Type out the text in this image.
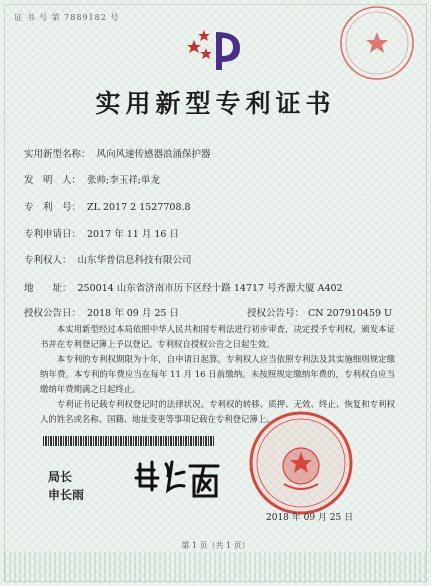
证 书 号 第 7889182 号
实用新型专利证书
实用新型名称： 风向风速传感器浪涌保护器
发　明　人： 张帅;李玉祥;单龙
专　利　号： ZL 2017 2 1527708.8
专利申请日： 2017 年 11 月 16 日
专利权人： 山东华普信息科技有限公司
地　　址： 250014 山东省济南市历下区经十路 14717 号齐源大厦 A402
授权公告日： 2018 年 09 月 25 日	授权公告号： CN 207910459 U
本实用新型经过本局依照中华人民共和国专利法进行初步审查，决定授予专利权，颁发本证书并在专利登记簿上予以登记。专利权自授权公告之日起生效。
本专利的专利权期限为十年，自申请日起算。专利权人应当依照专利法及其实施细则规定缴纳年费。本专利的年费应当在每年 11 月 16 日前缴纳。未按照规定缴纳年费的，专利权自应当缴纳年费期满之日起终止。
专利证书记载专利权登记时的法律状况。专利权的转移、质押、无效、终止、恢复和专利权人的姓名或名称、国籍、地址变更等事项记载在专利登记簿上。
局长
申长雨
2018 年 09 月 25 日
第 1 页（共 1 页）
